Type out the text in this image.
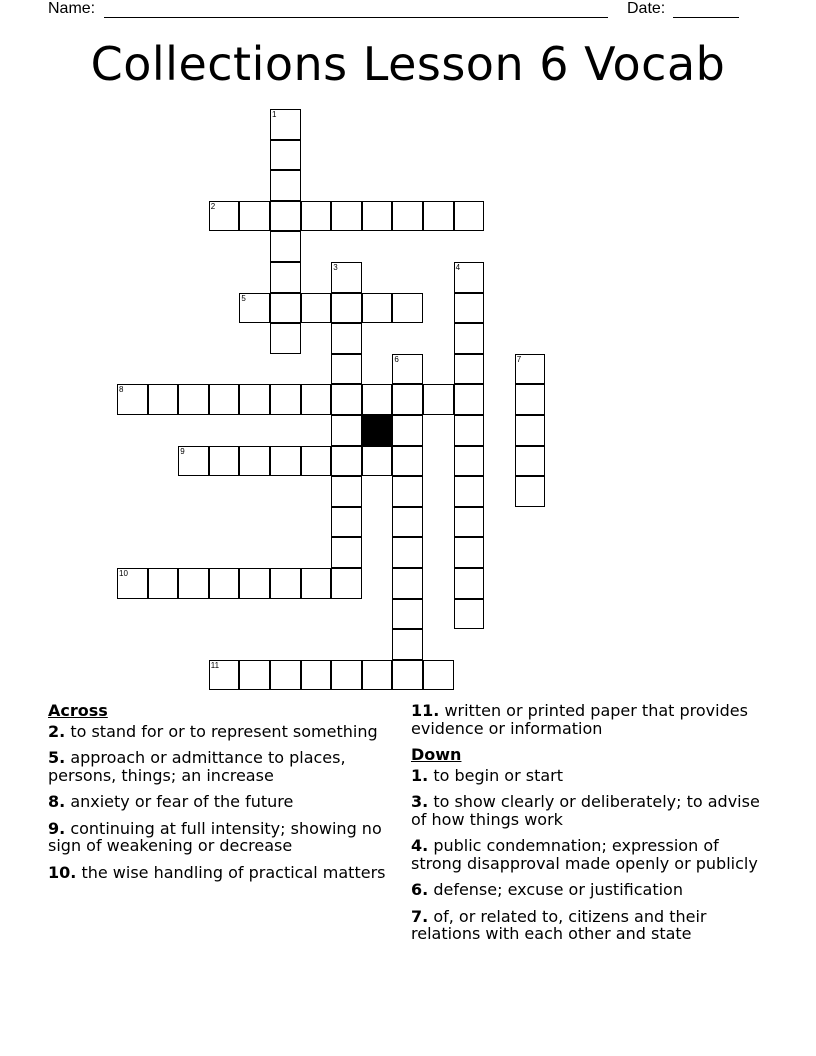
Name:	Date:
Collections Lesson 6 Vocab
1
2
3	4
5
6	7
8
9
10
11
Across
2. to stand for or to represent something
5. approach or admittance to places, persons, things; an increase
8. anxiety or fear of the future
9. continuing at full intensity; showing no sign of weakening or decrease
10. the wise handling of practical matters
11. written or printed paper that provides evidence or information
Down
1. to begin or start
3. to show clearly or deliberately; to advise of how things work
4. public condemnation; expression of strong disapproval made openly or publicly
6. defense; excuse or justification
7. of, or related to, citizens and their relations with each other and state
